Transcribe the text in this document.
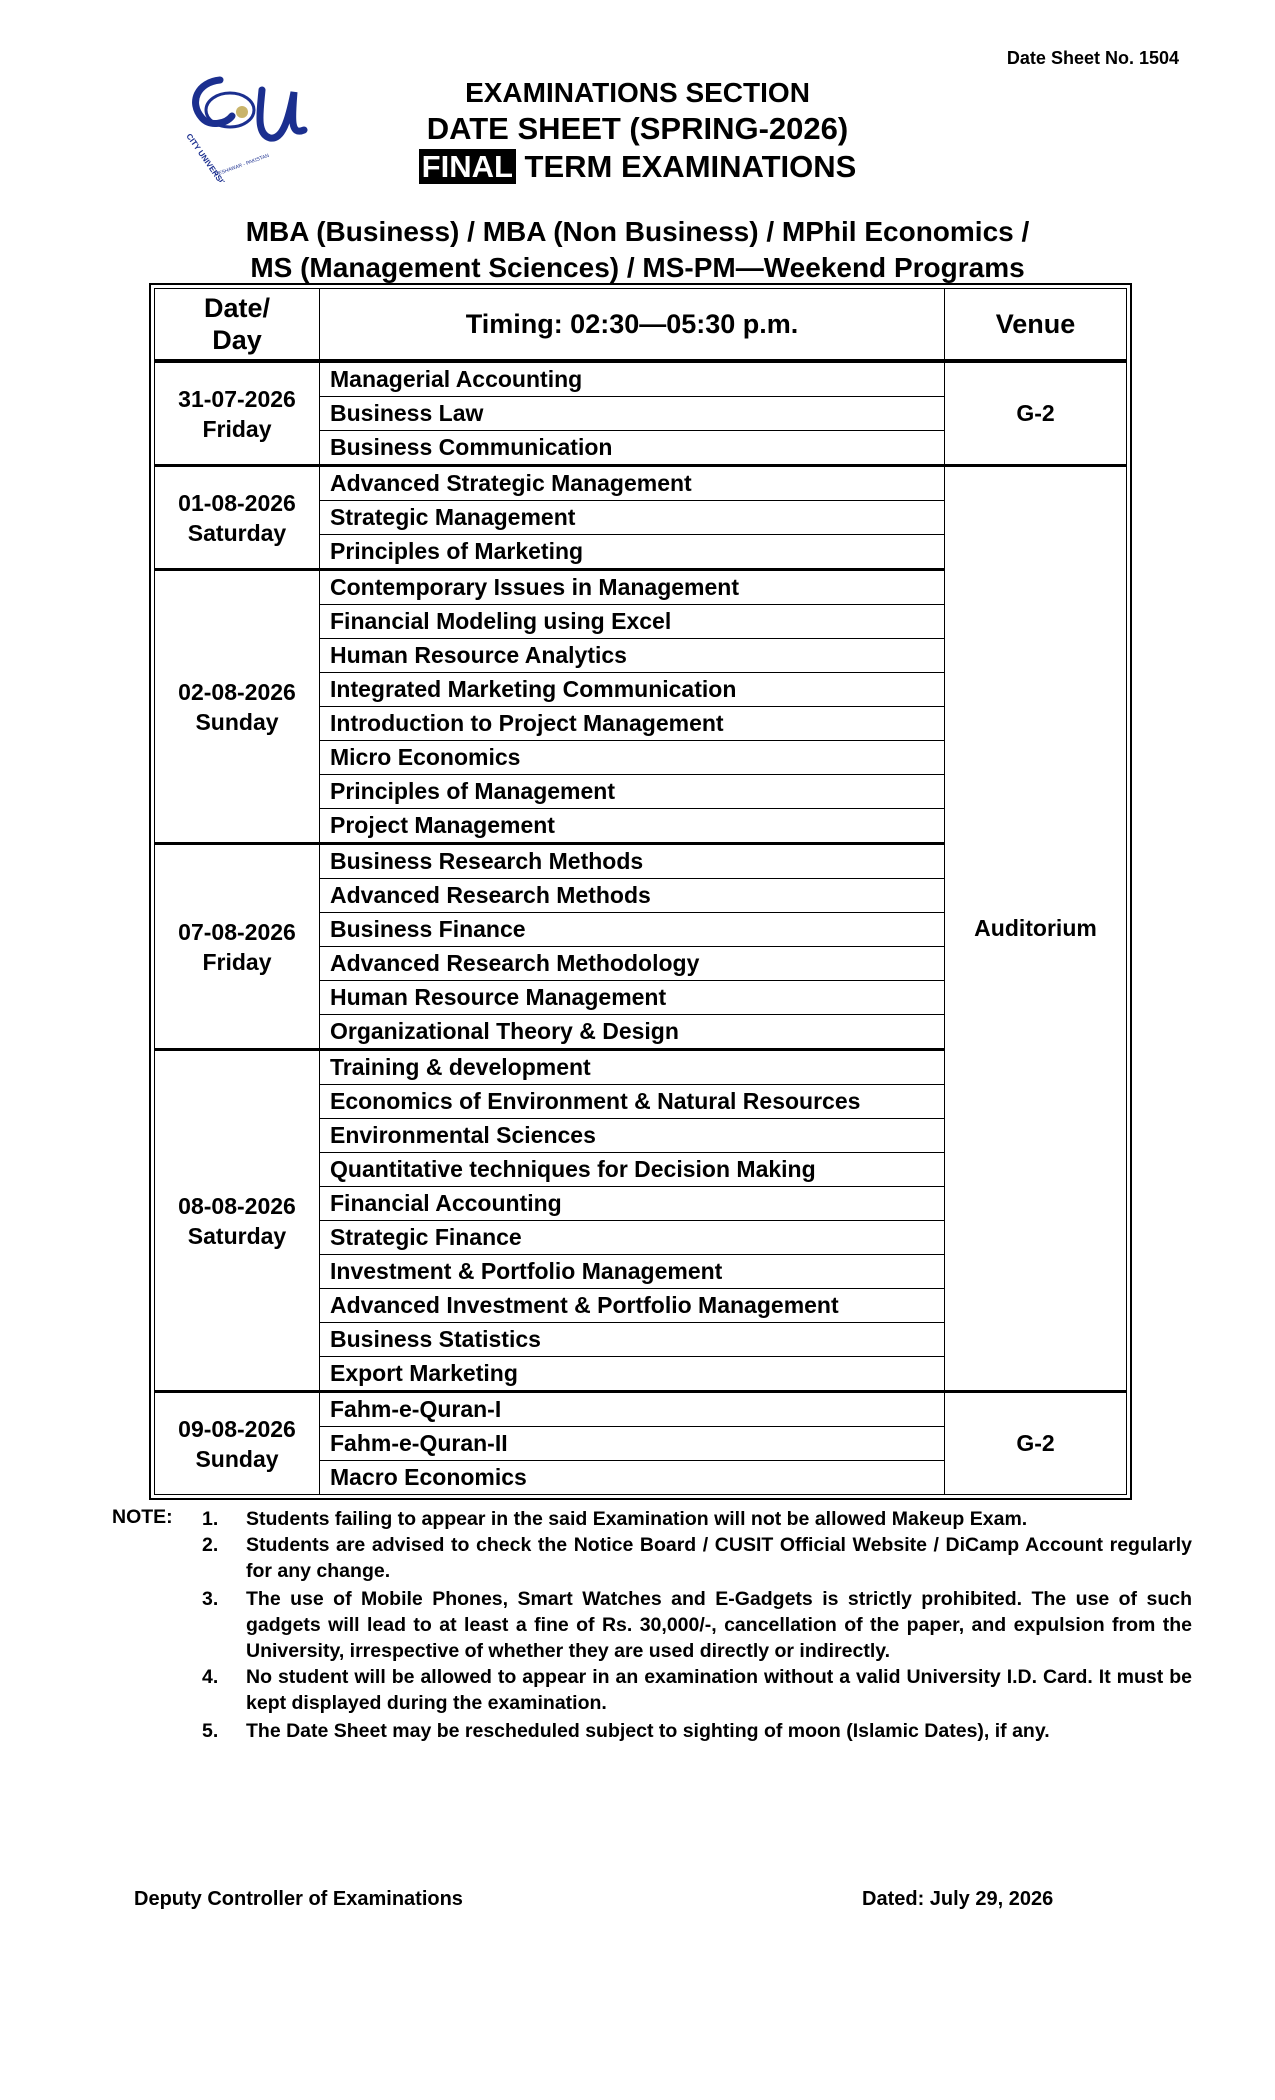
Date Sheet No. 1504
CITY UNIVERSITY
PESHAWAR - PAKISTAN
EXAMINATIONS SECTION
DATE SHEET (SPRING-2026)
FINAL TERM EXAMINATIONS
MBA (Business) / MBA (Non Business) / MPhil Economics /
MS (Management Sciences) / MS-PM—Weekend Programs
Date/
Day	Timing: 02:30—05:30 p.m.	Venue

31-07-2026
Friday	Managerial Accounting	G-2
	Business Law	
	Business Communication	

01-08-2026
Saturday	Advanced Strategic Management	Auditorium
	Strategic Management	
	Principles of Marketing	

02-08-2026
Sunday	Contemporary Issues in Management	
	Financial Modeling using Excel	
	Human Resource Analytics	
	Integrated Marketing Communication	
	Introduction to Project Management	
	Micro Economics	
	Principles of Management	
	Project Management	

07-08-2026
Friday	Business Research Methods	
	Advanced Research Methods	
	Business Finance	
	Advanced Research Methodology	
	Human Resource Management	
	Organizational Theory & Design	

08-08-2026
Saturday	Training & development	
	Economics of Environment & Natural Resources	
	Environmental Sciences	
	Quantitative techniques for Decision Making	
	Financial Accounting	
	Strategic Finance	
	Investment & Portfolio Management	
	Advanced Investment & Portfolio Management	
	Business Statistics	
	Export Marketing	

09-08-2026
Sunday	Fahm-e-Quran-I	G-2
	Fahm-e-Quran-II	
	Macro Economics	
NOTE: 1.	Students failing to appear in the said Examination will not be allowed Makeup Exam.
2.	Students are advised to check the Notice Board / CUSIT Official Website / DiCamp Account regularly for any change.
3.	The use of Mobile Phones, Smart Watches and E-Gadgets is strictly prohibited. The use of such gadgets will lead to at least a fine of Rs. 30,000/-, cancellation of the paper, and expulsion from the University, irrespective of whether they are used directly or indirectly.
4.	No student will be allowed to appear in an examination without a valid University I.D. Card. It must be kept displayed during the examination.
5.	The Date Sheet may be rescheduled subject to sighting of moon (Islamic Dates), if any.
Deputy Controller of Examinations	Dated: July 29, 2026
